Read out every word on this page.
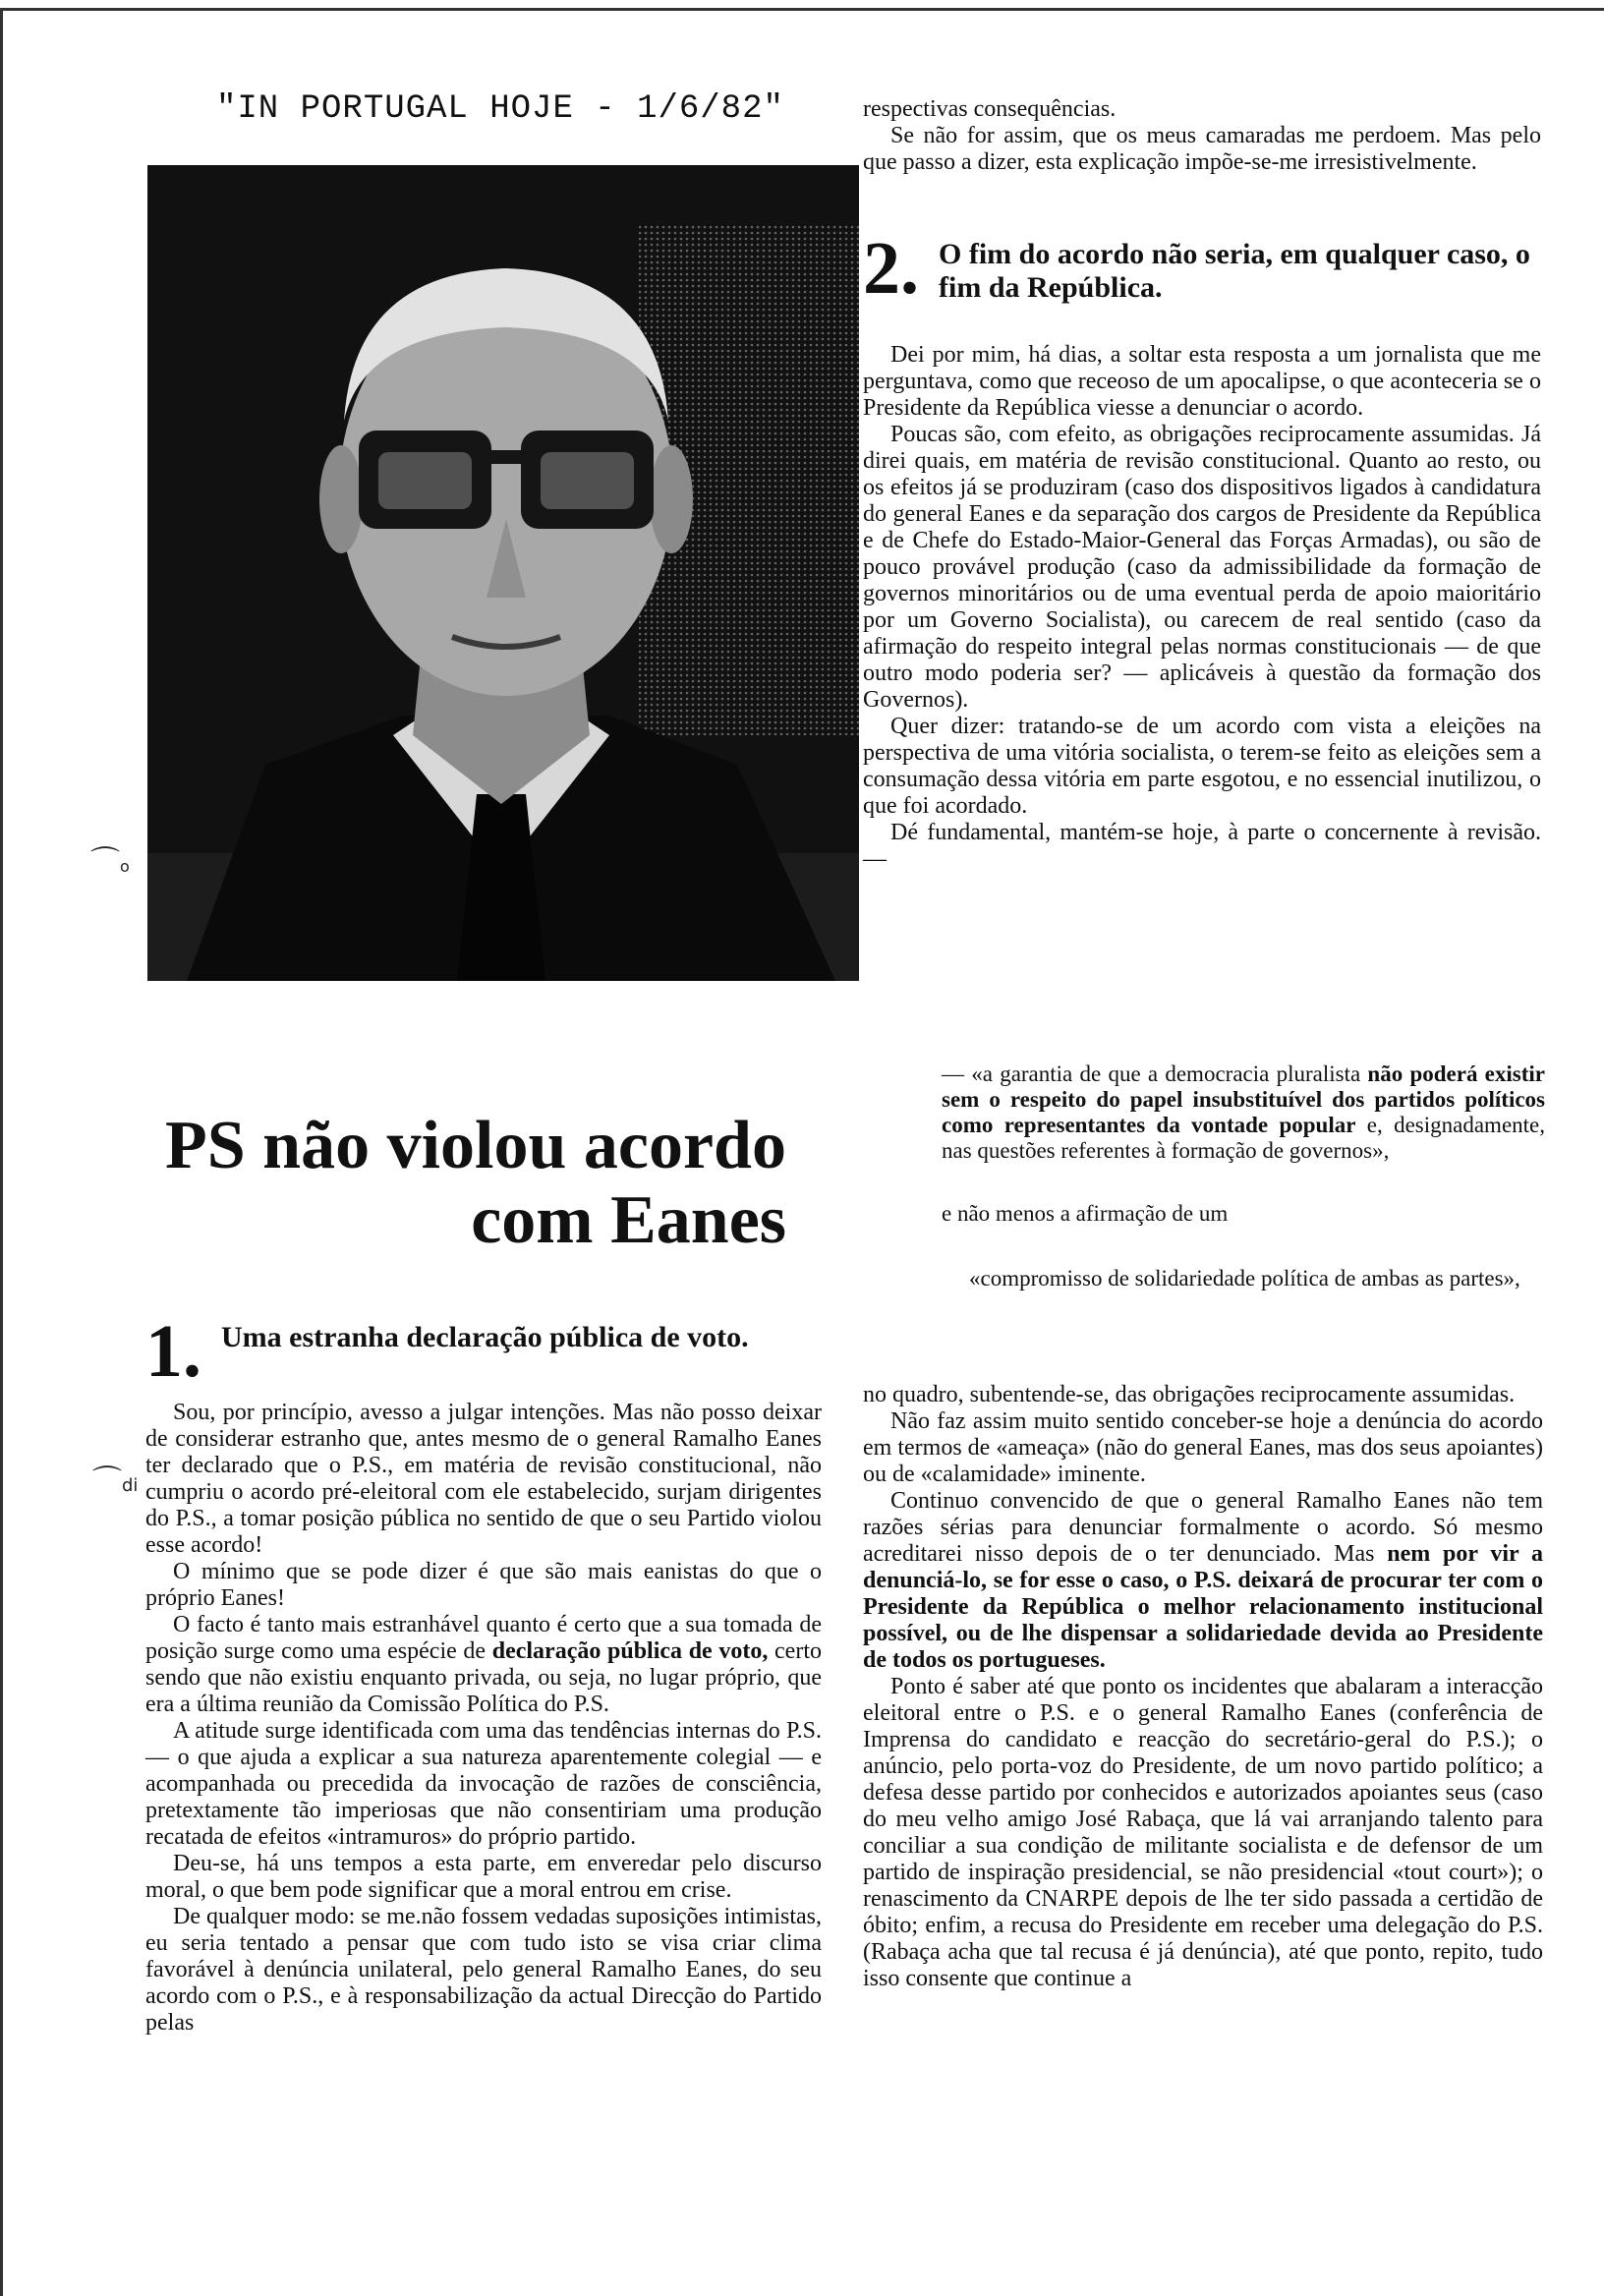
"IN PORTUGAL HOJE - 1/6/82"
⌒o
PS não violou acordo
com Eanes
1. Uma estranha declaração pública de voto.
⌒di

Sou, por princípio, avesso a julgar intenções. Mas não posso deixar de considerar estranho que, antes mesmo de o general Ramalho Eanes ter declarado que o P.S., em matéria de revisão constitucional, não cumpriu o acordo pré-eleitoral com ele estabelecido, surjam dirigentes do P.S., a tomar posição pública no sentido de que o seu Partido violou esse acordo!

O mínimo que se pode dizer é que são mais eanistas do que o próprio Eanes!

O facto é tanto mais estranhável quanto é certo que a sua tomada de posição surge como uma espécie de declaração pública de voto, certo sendo que não existiu enquanto privada, ou seja, no lugar próprio, que era a última reunião da Comissão Política do P.S.

A atitude surge identificada com uma das tendências internas do P.S. — o que ajuda a explicar a sua natureza aparentemente colegial — e acompanhada ou precedida da invocação de razões de consciência, pretextamente tão imperiosas que não consentiriam uma produção recatada de efeitos «intramuros» do próprio partido.

Deu-se, há uns tempos a esta parte, em enveredar pelo discurso moral, o que bem pode significar que a moral entrou em crise.

De qualquer modo: se me.não fossem vedadas suposições intimistas, eu seria tentado a pensar que com tudo isto se visa criar clima favorável à denúncia unilateral, pelo general Ramalho Eanes, do seu acordo com o P.S., e à responsabilização da actual Direcção do Partido pelas

respectivas consequências.

Se não for assim, que os meus camaradas me perdoem. Mas pelo que passo a dizer, esta explicação impõe-se-me irresistivelmente.

2. O fim do acordo não seria, em qualquer caso, o fim da República.

Dei por mim, há dias, a soltar esta resposta a um jornalista que me perguntava, como que receoso de um apocalipse, o que aconteceria se o Presidente da República viesse a denunciar o acordo.

Poucas são, com efeito, as obrigações reciprocamente assumidas. Já direi quais, em matéria de revisão constitucional. Quanto ao resto, ou os efeitos já se produziram (caso dos dispositivos ligados à candidatura do general Eanes e da separação dos cargos de Presidente da República e de Chefe do Estado-Maior-General das Forças Armadas), ou são de pouco provável produção (caso da admissibilidade da formação de governos minoritários ou de uma eventual perda de apoio maioritário por um Governo Socialista), ou carecem de real sentido (caso da afirmação do respeito integral pelas normas constitucionais — de que outro modo poderia ser? — aplicáveis à questão da formação dos Governos).

Quer dizer: tratando-se de um acordo com vista a eleições na perspectiva de uma vitória socialista, o terem-se feito as eleições sem a consumação dessa vitória em parte esgotou, e no essencial inutilizou, o que foi acordado.

Dé fundamental, mantém-se hoje, à parte o concernente à revisão. —

— «a garantia de que a democracia pluralista não poderá existir sem o respeito do papel insubstituível dos partidos políticos como representantes da vontade popular e, designadamente, nas questões referentes à formação de governos»,

e não menos a afirmação de um

«compromisso de solidariedade política de ambas as partes»,

no quadro, subentende-se, das obrigações reciprocamente assumidas.

Não faz assim muito sentido conceber-se hoje a denúncia do acordo em termos de «ameaça» (não do general Eanes, mas dos seus apoiantes) ou de «calamidade» iminente.

Continuo convencido de que o general Ramalho Eanes não tem razões sérias para denunciar formalmente o acordo. Só mesmo acreditarei nisso depois de o ter denunciado. Mas nem por vir a denunciá-lo, se for esse o caso, o P.S. deixará de procurar ter com o Presidente da República o melhor relacionamento institucional possível, ou de lhe dispensar a solidariedade devida ao Presidente de todos os portugueses.

Ponto é saber até que ponto os incidentes que abalaram a interacção eleitoral entre o P.S. e o general Ramalho Eanes (conferência de Imprensa do candidato e reacção do secretário-geral do P.S.); o anúncio, pelo porta-voz do Presidente, de um novo partido político; a defesa desse partido por conhecidos e autorizados apoiantes seus (caso do meu velho amigo José Rabaça, que lá vai arranjando talento para conciliar a sua condição de militante socialista e de defensor de um partido de inspiração presidencial, se não presidencial «tout court»); o renascimento da CNARPE depois de lhe ter sido passada a certidão de óbito; enfim, a recusa do Presidente em receber uma delegação do P.S. (Rabaça acha que tal recusa é já denúncia), até que ponto, repito, tudo isso consente que continue a
